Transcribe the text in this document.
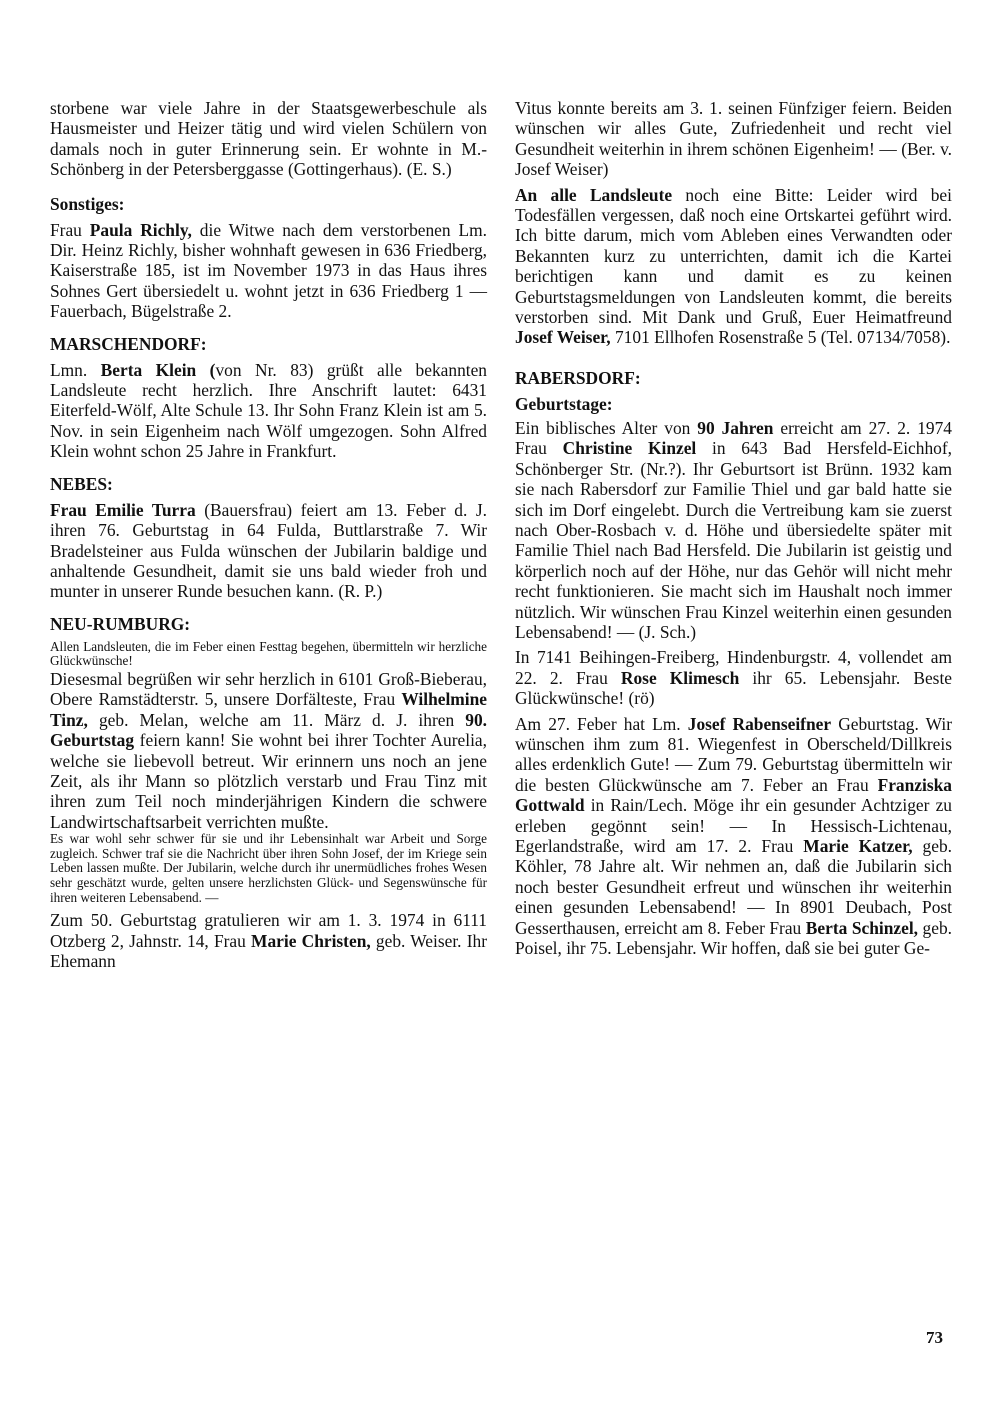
storbene war viele Jahre in der Staatsgewerbeschule als Hausmeister und Heizer tätig und wird vielen Schülern von damals noch in guter Erinnerung sein. Er wohnte in M.-Schönberg in der Petersberggasse (Gottingerhaus). (E. S.)

Sonstiges:

Frau Paula Richly, die Witwe nach dem verstorbenen Lm. Dir. Heinz Richly, bisher wohnhaft gewesen in 636 Friedberg, Kaiserstraße 185, ist im November 1973 in das Haus ihres Sohnes Gert übersiedelt u. wohnt jetzt in 636 Friedberg 1 — Fauerbach, Bügelstraße 2.

MARSCHENDORF:

Lmn. Berta Klein (von Nr. 83) grüßt alle bekannten Landsleute recht herzlich. Ihre Anschrift lautet: 6431 Eiterfeld-Wölf, Alte Schule 13. Ihr Sohn Franz Klein ist am 5. Nov. in sein Eigenheim nach Wölf umgezogen. Sohn Alfred Klein wohnt schon 25 Jahre in Frankfurt.

NEBES:

Frau Emilie Turra (Bauersfrau) feiert am 13. Feber d. J. ihren 76. Geburtstag in 64 Fulda, Buttlarstraße 7. Wir Bradelsteiner aus Fulda wünschen der Jubilarin baldige und anhaltende Gesundheit, damit sie uns bald wieder froh und munter in unserer Runde besuchen kann. (R. P.)

NEU-RUMBURG:

Allen Landsleuten, die im Feber einen Festtag begehen, übermitteln wir herzliche Glückwünsche!

Diesesmal begrüßen wir sehr herzlich in 6101 Groß-Bieberau, Obere Ramstädterstr. 5, unsere Dorfälteste, Frau Wilhelmine Tinz, geb. Melan, welche am 11. März d. J. ihren 90. Geburtstag feiern kann! Sie wohnt bei ihrer Tochter Aurelia, welche sie liebevoll betreut. Wir erinnern uns noch an jene Zeit, als ihr Mann so plötzlich verstarb und Frau Tinz mit ihren zum Teil noch minderjährigen Kindern die schwere Landwirtschaftsarbeit verrichten mußte.

Es war wohl sehr schwer für sie und ihr Lebensinhalt war Arbeit und Sorge zugleich. Schwer traf sie die Nachricht über ihren Sohn Josef, der im Kriege sein Leben lassen mußte. Der Jubilarin, welche durch ihr unermüdliches frohes Wesen sehr geschätzt wurde, gelten unsere herzlichsten Glück- und Segenswünsche für ihren weiteren Lebensabend. —

Zum 50. Geburtstag gratulieren wir am 1. 3. 1974 in 6111 Otzberg 2, Jahnstr. 14, Frau Marie Christen, geb. Weiser. Ihr Ehemann

Vitus konnte bereits am 3. 1. seinen Fünfziger feiern. Beiden wünschen wir alles Gute, Zufriedenheit und recht viel Gesundheit weiterhin in ihrem schönen Eigenheim! — (Ber. v. Josef Weiser)

An alle Landsleute noch eine Bitte: Leider wird bei Todesfällen vergessen, daß noch eine Ortskartei geführt wird. Ich bitte darum, mich vom Ableben eines Verwandten oder Bekannten kurz zu unterrichten, damit ich die Kartei berichtigen kann und damit es zu keinen Geburtstagsmeldungen von Landsleuten kommt, die bereits verstorben sind. Mit Dank und Gruß, Euer Heimatfreund Josef Weiser, 7101 Ellhofen Rosenstraße 5 (Tel. 07134/7058).

RABERSDORF:
Geburtstage:

Ein biblisches Alter von 90 Jahren erreicht am 27. 2. 1974 Frau Christine Kinzel in 643 Bad Hersfeld-Eichhof, Schönberger Str. (Nr.?). Ihr Geburtsort ist Brünn. 1932 kam sie nach Rabersdorf zur Familie Thiel und gar bald hatte sie sich im Dorf eingelebt. Durch die Vertreibung kam sie zuerst nach Ober-Rosbach v. d. Höhe und übersiedelte später mit Familie Thiel nach Bad Hersfeld. Die Jubilarin ist geistig und körperlich noch auf der Höhe, nur das Gehör will nicht mehr recht funktionieren. Sie macht sich im Haushalt noch immer nützlich. Wir wünschen Frau Kinzel weiterhin einen gesunden Lebensabend! — (J. Sch.)

In 7141 Beihingen-Freiberg, Hindenburgstr. 4, vollendet am 22. 2. Frau Rose Klimesch ihr 65. Lebensjahr. Beste Glückwünsche! (rö)

Am 27. Feber hat Lm. Josef Rabenseifner Geburtstag. Wir wünschen ihm zum 81. Wiegenfest in Oberscheld/Dillkreis alles erdenklich Gute! — Zum 79. Geburtstag übermitteln wir die besten Glückwünsche am 7. Feber an Frau Franziska Gottwald in Rain/Lech. Möge ihr ein gesunder Achtziger zu erleben gegönnt sein! — In Hessisch-Lichtenau, Egerlandstraße, wird am 17. 2. Frau Marie Katzer, geb. Köhler, 78 Jahre alt. Wir nehmen an, daß die Jubilarin sich noch bester Gesundheit erfreut und wünschen ihr weiterhin einen gesunden Lebensabend! — In 8901 Deubach, Post Gesserthausen, erreicht am 8. Feber Frau Berta Schinzel, geb. Poisel, ihr 75. Lebensjahr. Wir hoffen, daß sie bei guter Ge-

73
